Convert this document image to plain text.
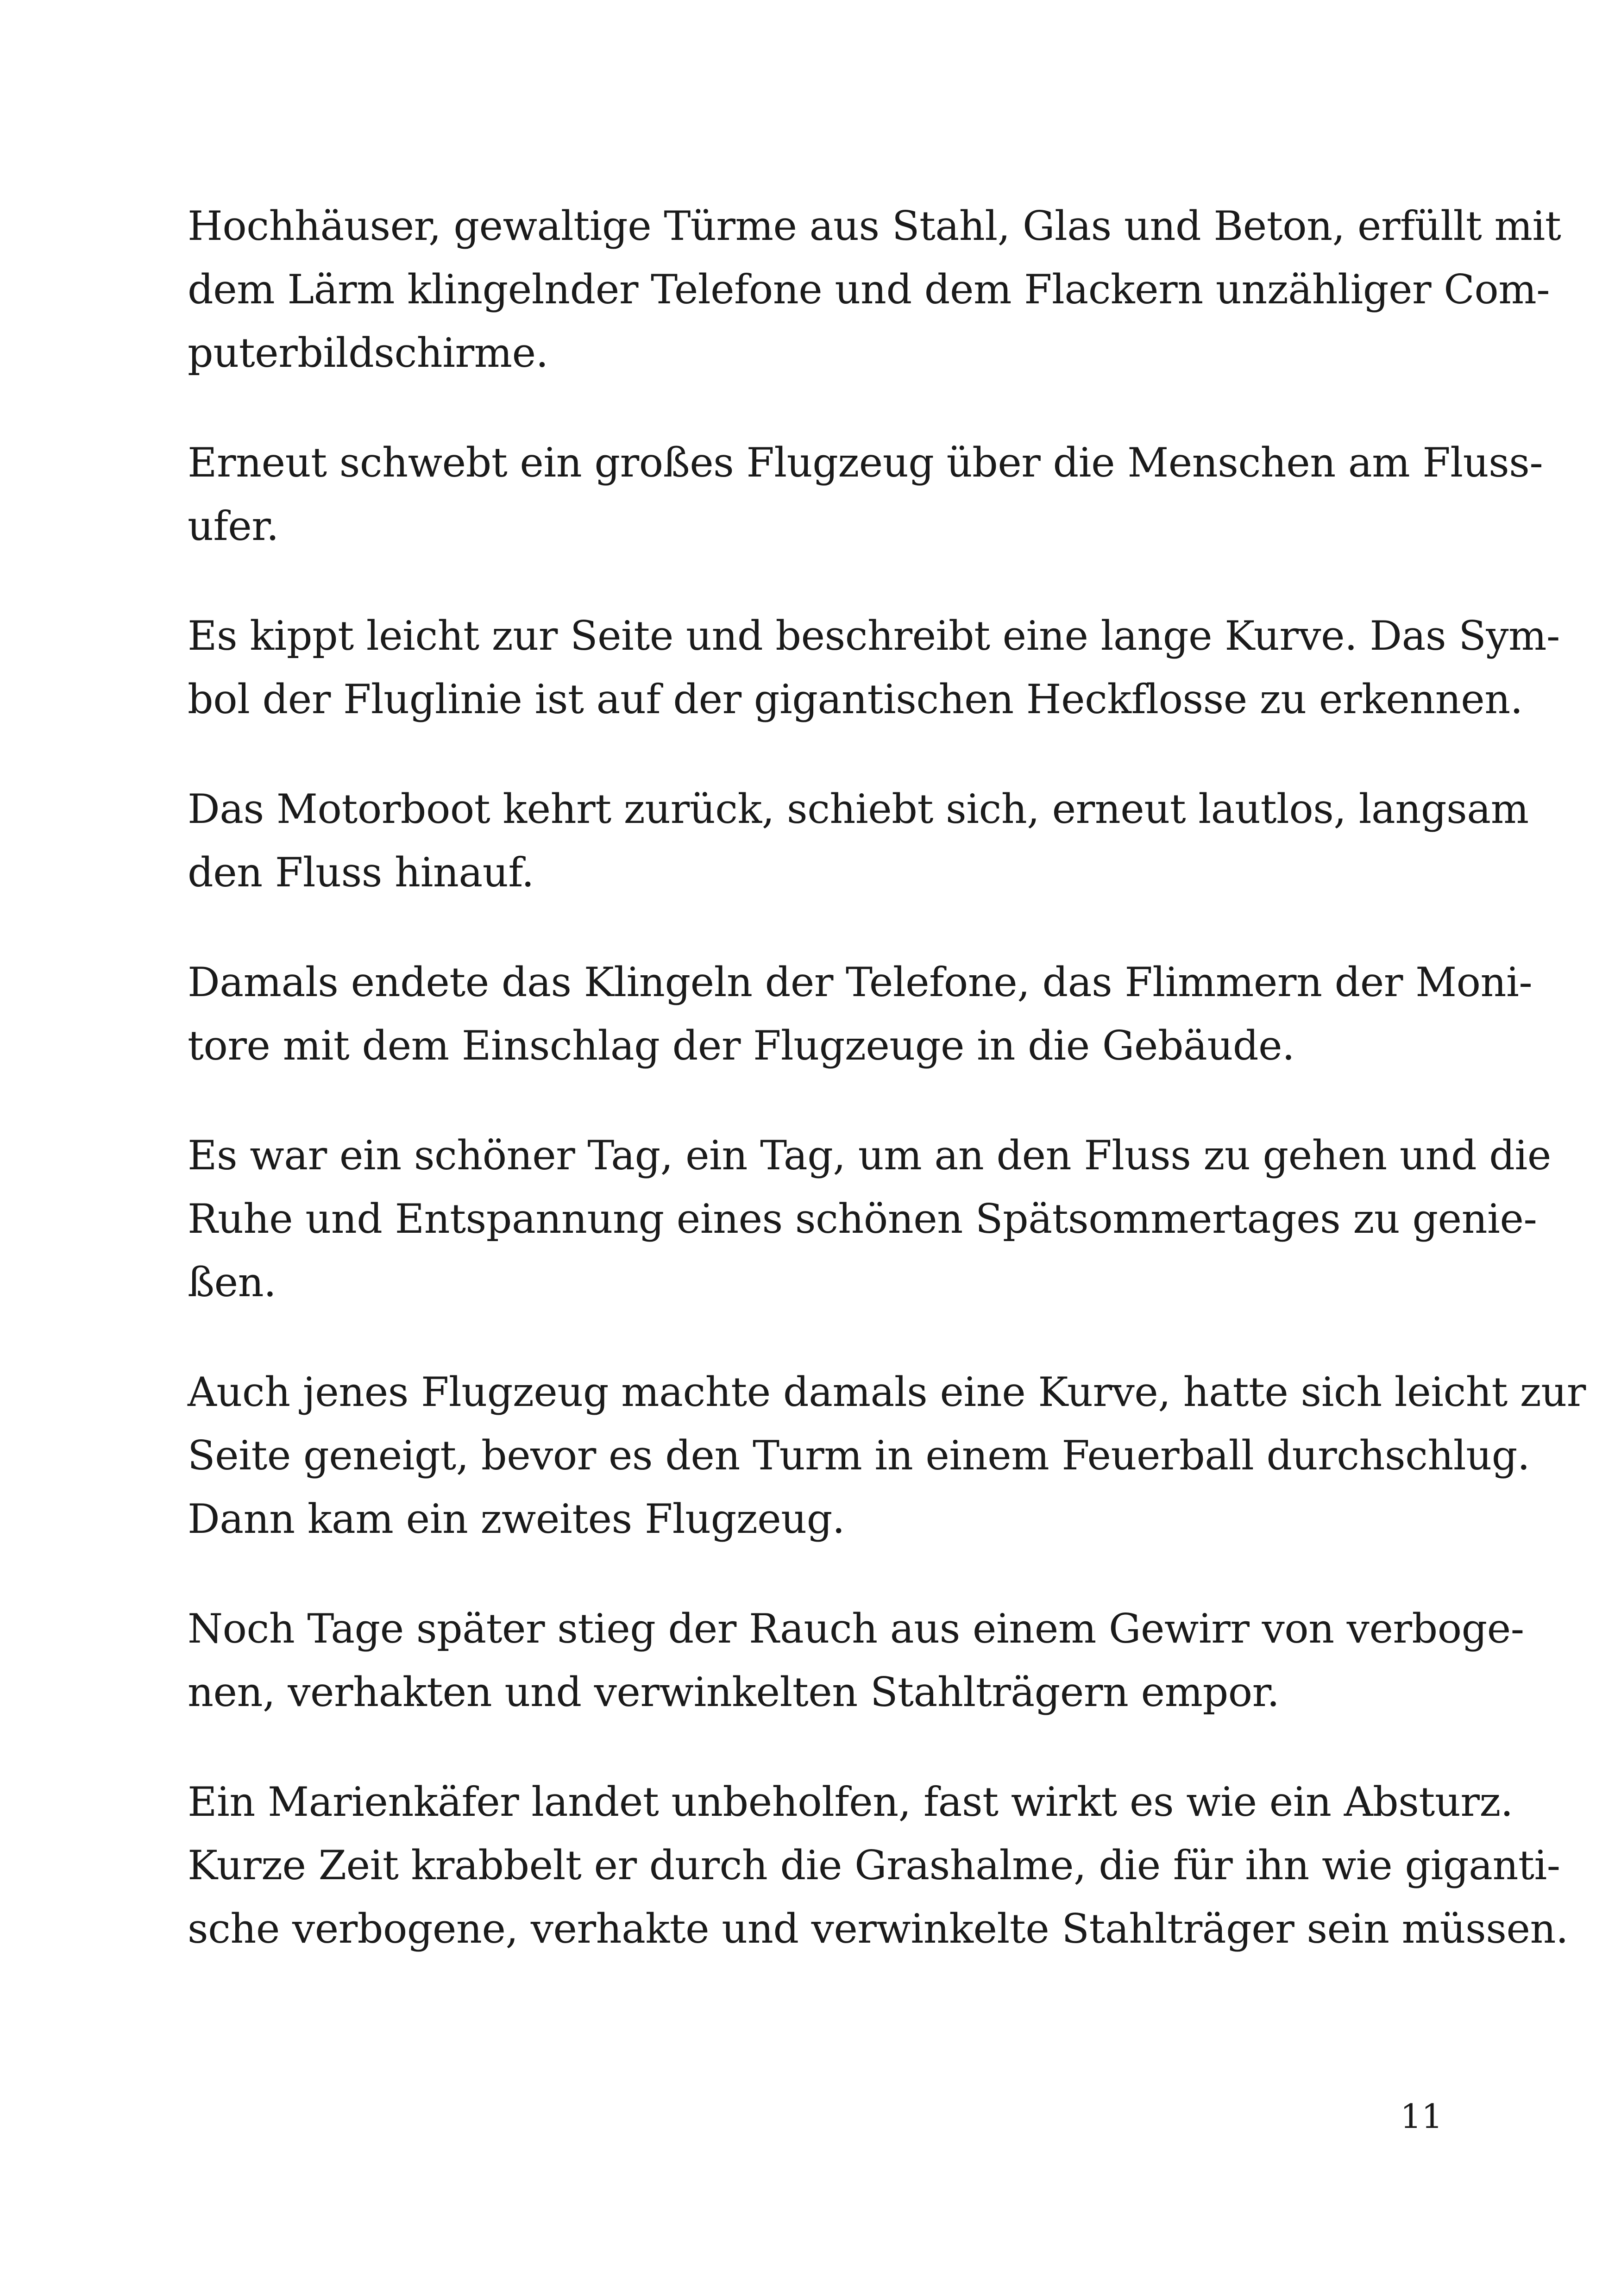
Hochhäuser, gewaltige Türme aus Stahl, Glas und Beton, erfüllt mit
dem Lärm klingelnder Telefone und dem Flackern unzähliger Com-
puterbildschirme.

Erneut schwebt ein großes Flugzeug über die Menschen am Fluss-
ufer.

Es kippt leicht zur Seite und beschreibt eine lange Kurve. Das Sym-
bol der Fluglinie ist auf der gigantischen Heckflosse zu erkennen.

Das Motorboot kehrt zurück, schiebt sich, erneut lautlos, langsam
den Fluss hinauf.

Damals endete das Klingeln der Telefone, das Flimmern der Moni-
tore mit dem Einschlag der Flugzeuge in die Gebäude.

Es war ein schöner Tag, ein Tag, um an den Fluss zu gehen und die
Ruhe und Entspannung eines schönen Spätsommertages zu genie-
ßen.

Auch jenes Flugzeug machte damals eine Kurve, hatte sich leicht zur
Seite geneigt, bevor es den Turm in einem Feuerball durchschlug.
Dann kam ein zweites Flugzeug.

Noch Tage später stieg der Rauch aus einem Gewirr von verboge-
nen, verhakten und verwinkelten Stahlträgern empor.

Ein Marienkäfer landet unbeholfen, fast wirkt es wie ein Absturz.
Kurze Zeit krabbelt er durch die Grashalme, die für ihn wie giganti-
sche verbogene, verhakte und verwinkelte Stahlträger sein müssen.

11
